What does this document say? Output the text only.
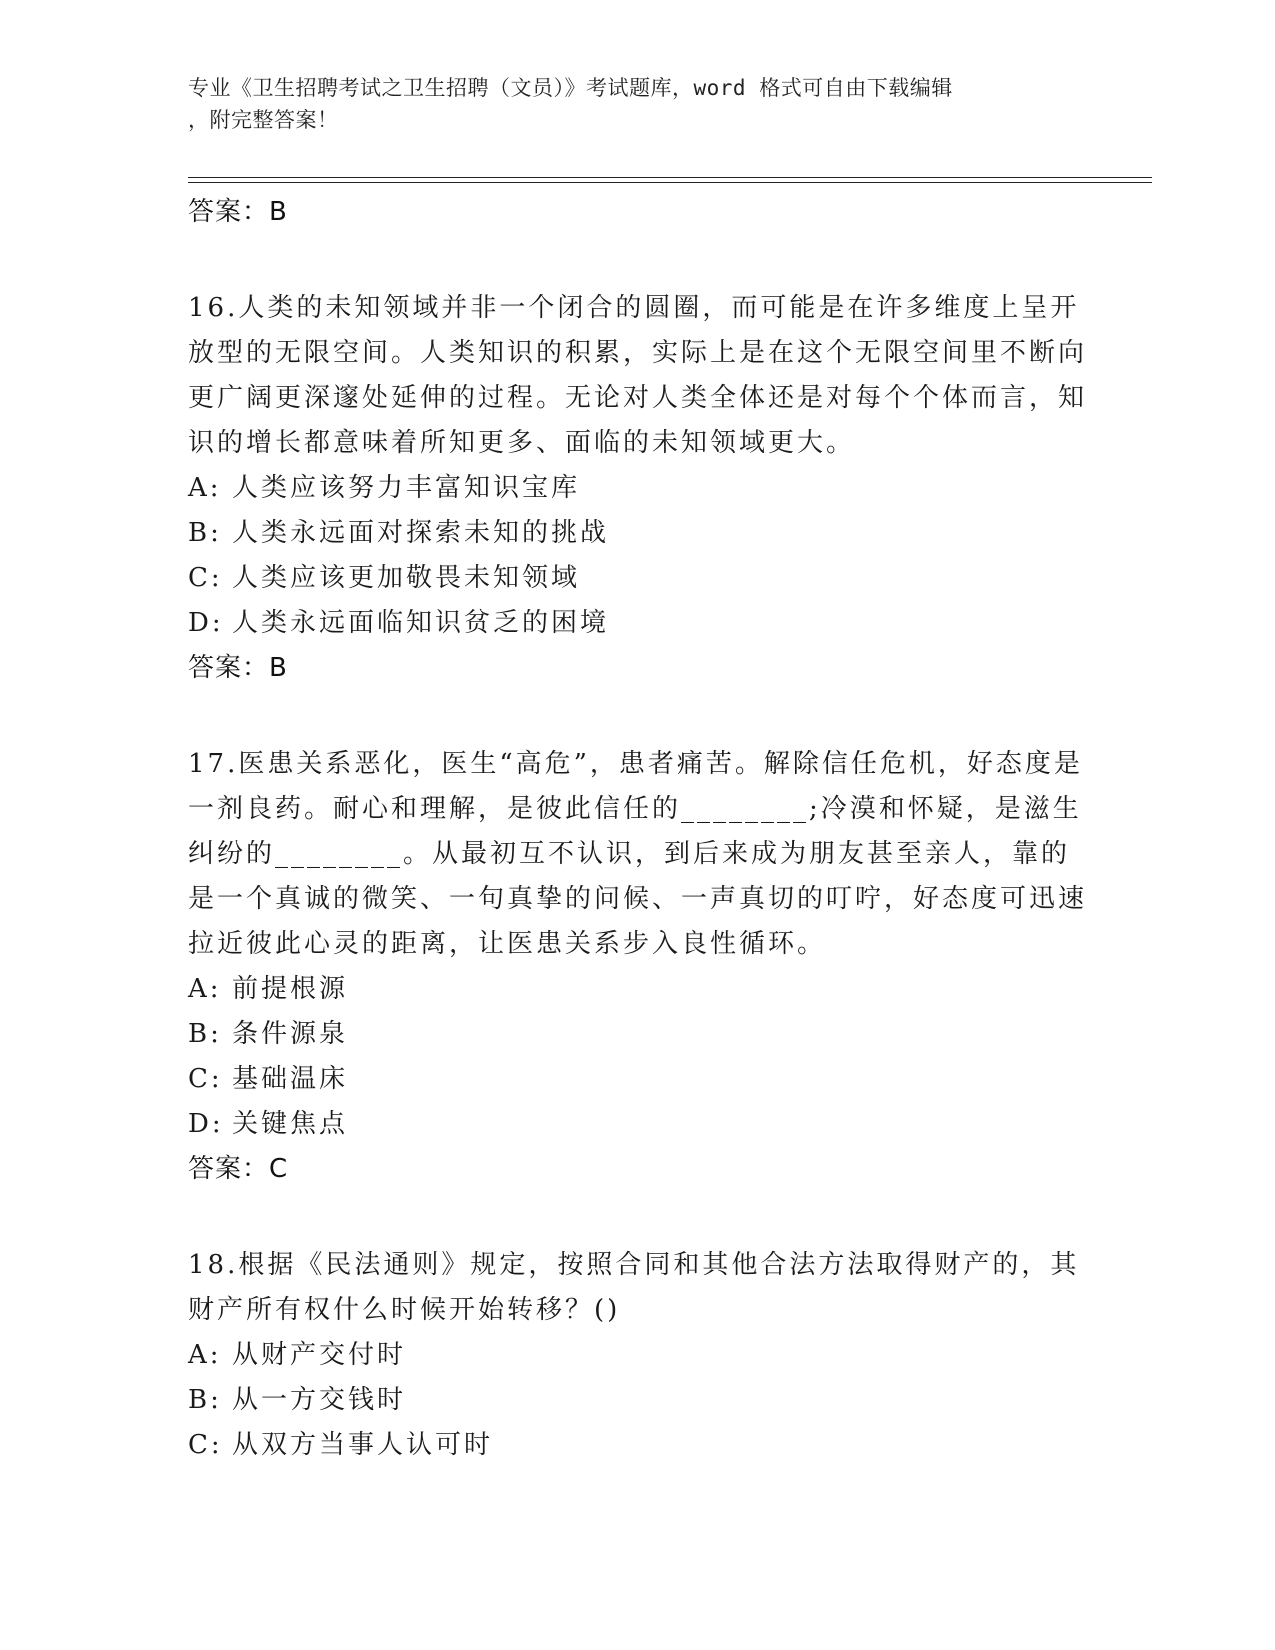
专业《卫生招聘考试之卫生招聘（文员）》考试题库，word 格式可自由下载编辑
，附完整答案！
答案：B
16.人类的未知领域并非一个闭合的圆圈，而可能是在许多维度上呈开放型的无限空间。人类知识的积累，实际上是在这个无限空间里不断向更广阔更深邃处延伸的过程。无论对人类全体还是对每个个体而言，知识的增长都意味着所知更多、面临的未知领域更大。
A: 人类应该努力丰富知识宝库
B: 人类永远面对探索未知的挑战
C: 人类应该更加敬畏未知领域
D: 人类永远面临知识贫乏的困境
答案：B
17.医患关系恶化，医生“高危”，患者痛苦。解除信任危机，好态度是一剂良药。耐心和理解，是彼此信任的________;冷漠和怀疑，是滋生纠纷的________。从最初互不认识，到后来成为朋友甚至亲人，靠的是一个真诚的微笑、一句真挚的问候、一声真切的叮咛，好态度可迅速拉近彼此心灵的距离，让医患关系步入良性循环。
A: 前提根源
B: 条件源泉
C: 基础温床
D: 关键焦点
答案：C
18.根据《民法通则》规定，按照合同和其他合法方法取得财产的，其财产所有权什么时候开始转移？()
A: 从财产交付时
B: 从一方交钱时
C: 从双方当事人认可时
